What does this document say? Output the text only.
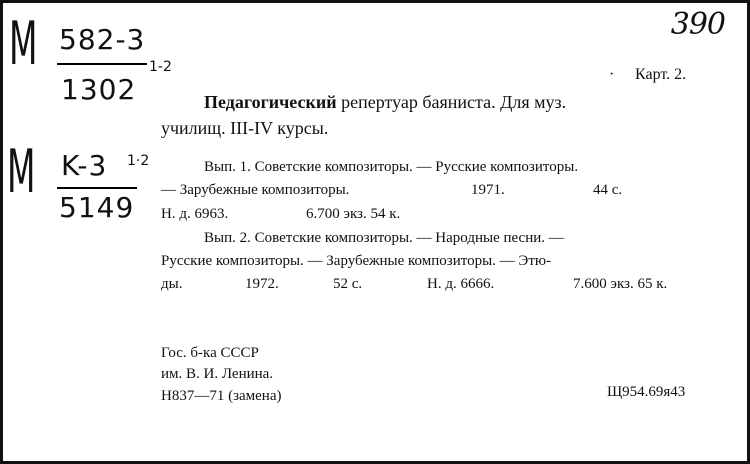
390
M 582-3
1302
1-2
M K-3
5149
1·2
· Карт. 2.
Педагогический репертуар баяниста. Для муз.
училищ. III-IV курсы.
Вып. 1. Советские композиторы. — Русские композиторы.
— Зарубежные композиторы.	1971.	44 с.
Н. д. 6963.	6.700 экз. 54 к.
Вып. 2. Советские композиторы. — Народные песни. —
Русские композиторы. — Зарубежные композиторы. — Этю-
ды.	1972.	52 с.	Н. д. 6666.	7.600 экз. 65 к.
Гос. б-ка СССР
им. В. И. Ленина.
Н837—71 (замена)	Щ954.69я43
